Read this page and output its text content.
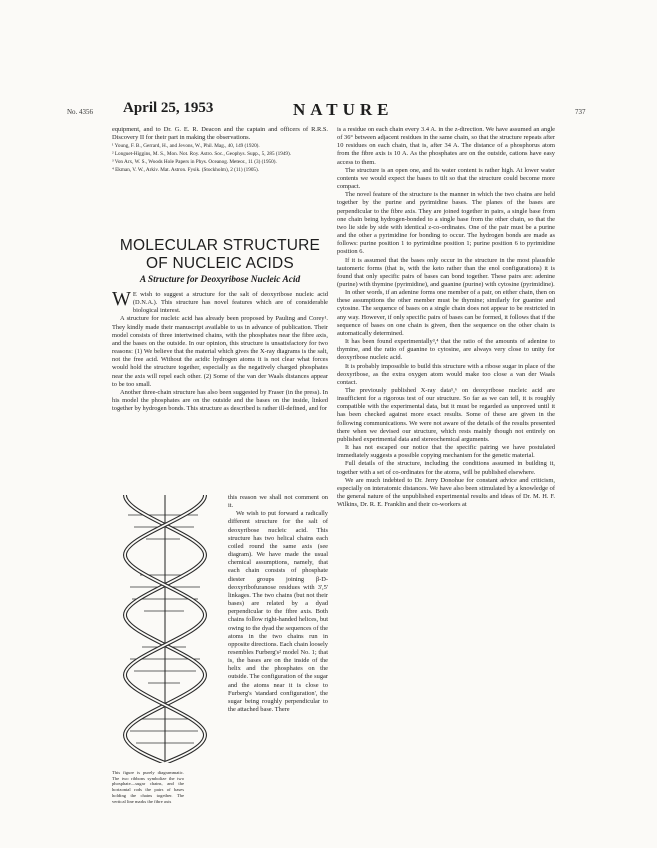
No. 4356 April 25, 1953	NATURE	737

equipment, and to Dr. G. E. R. Deacon and the captain and officers of R.R.S. Discovery II for their part in making the observations.

¹ Young, F. B., Gerrard, H., and Jevons, W., Phil. Mag., 40, 149 (1920).

² Longuet-Higgins, M. S., Mon. Not. Roy. Astro. Soc., Geophys. Supp., 5, 285 (1949).

³ Von Arx, W. S., Woods Hole Papers in Phys. Oceanog. Meteor., 11 (3) (1950).

⁴ Ekman, V. W., Arkiv. Mat. Astron. Fysik. (Stockholm), 2 (11) (1905).

MOLECULAR STRUCTURE OF NUCLEIC ACIDS
A Structure for Deoxyribose Nucleic Acid

W E wish to suggest a structure for the salt of deoxyribose nucleic acid (D.N.A.). This structure has novel features which are of considerable biological interest.

A structure for nucleic acid has already been proposed by Pauling and Corey¹. They kindly made their manuscript available to us in advance of publication. Their model consists of three intertwined chains, with the phosphates near the fibre axis, and the bases on the outside. In our opinion, this structure is unsatisfactory for two reasons: (1) We believe that the material which gives the X-ray diagrams is the salt, not the free acid. Without the acidic hydrogen atoms it is not clear what forces would hold the structure together, especially as the negatively charged phosphates near the axis will repel each other. (2) Some of the van der Waals distances appear to be too small.

Another three-chain structure has also been suggested by Fraser (in the press). In his model the phosphates are on the outside and the bases on the inside, linked together by hydrogen bonds. This structure as described is rather ill-defined, and for

this reason we shall not comment on it.

We wish to put forward a radically different structure for the salt of deoxyribose nucleic acid. This structure has two helical chains each coiled round the same axis (see diagram). We have made the usual chemical assumptions, namely, that each chain consists of phosphate diester groups joining β-D-deoxyribofuranose residues with 3',5' linkages. The two chains (but not their bases) are related by a dyad perpendicular to the fibre axis. Both chains follow right-handed helices, but owing to the dyad the sequences of the atoms in the two chains run in opposite directions. Each chain loosely resembles Furberg's² model No. 1; that is, the bases are on the inside of the helix and the phosphates on the outside. The configuration of the sugar and the atoms near it is close to Furberg's 'standard configuration', the sugar being roughly perpendicular to the attached base. There

This figure is purely diagrammatic. The two ribbons symbolize the two phosphate—sugar chains, and the horizontal rods the pairs of bases holding the chains together. The vertical line marks the fibre axis

is a residue on each chain every 3.4 A. in the z-direction. We have assumed an angle of 36° between adjacent residues in the same chain, so that the structure repeats after 10 residues on each chain, that is, after 34 A. The distance of a phosphorus atom from the fibre axis is 10 A. As the phosphates are on the outside, cations have easy access to them.

The structure is an open one, and its water content is rather high. At lower water contents we would expect the bases to tilt so that the structure could become more compact.

The novel feature of the structure is the manner in which the two chains are held together by the purine and pyrimidine bases. The planes of the bases are perpendicular to the fibre axis. They are joined together in pairs, a single base from one chain being hydrogen-bonded to a single base from the other chain, so that the two lie side by side with identical z-co-ordinates. One of the pair must be a purine and the other a pyrimidine for bonding to occur. The hydrogen bonds are made as follows: purine position 1 to pyrimidine position 1; purine position 6 to pyrimidine position 6.

If it is assumed that the bases only occur in the structure in the most plausible tautomeric forms (that is, with the keto rather than the enol configurations) it is found that only specific pairs of bases can bond together. These pairs are: adenine (purine) with thymine (pyrimidine), and guanine (purine) with cytosine (pyrimidine).

In other words, if an adenine forms one member of a pair, on either chain, then on these assumptions the other member must be thymine; similarly for guanine and cytosine. The sequence of bases on a single chain does not appear to be restricted in any way. However, if only specific pairs of bases can be formed, it follows that if the sequence of bases on one chain is given, then the sequence on the other chain is automatically determined.

It has been found experimentally³,⁴ that the ratio of the amounts of adenine to thymine, and the ratio of guanine to cytosine, are always very close to unity for deoxyribose nucleic acid.

It is probably impossible to build this structure with a ribose sugar in place of the deoxyribose, as the extra oxygen atom would make too close a van der Waals contact.

The previously published X-ray data⁵,⁶ on deoxyribose nucleic acid are insufficient for a rigorous test of our structure. So far as we can tell, it is roughly compatible with the experimental data, but it must be regarded as unproved until it has been checked against more exact results. Some of these are given in the following communications. We were not aware of the details of the results presented there when we devised our structure, which rests mainly though not entirely on published experimental data and stereochemical arguments.

It has not escaped our notice that the specific pairing we have postulated immediately suggests a possible copying mechanism for the genetic material.

Full details of the structure, including the conditions assumed in building it, together with a set of co-ordinates for the atoms, will be published elsewhere.

We are much indebted to Dr. Jerry Donohue for constant advice and criticism, especially on interatomic distances. We have also been stimulated by a knowledge of the general nature of the unpublished experimental results and ideas of Dr. M. H. F. Wilkins, Dr. R. E. Franklin and their co-workers at
